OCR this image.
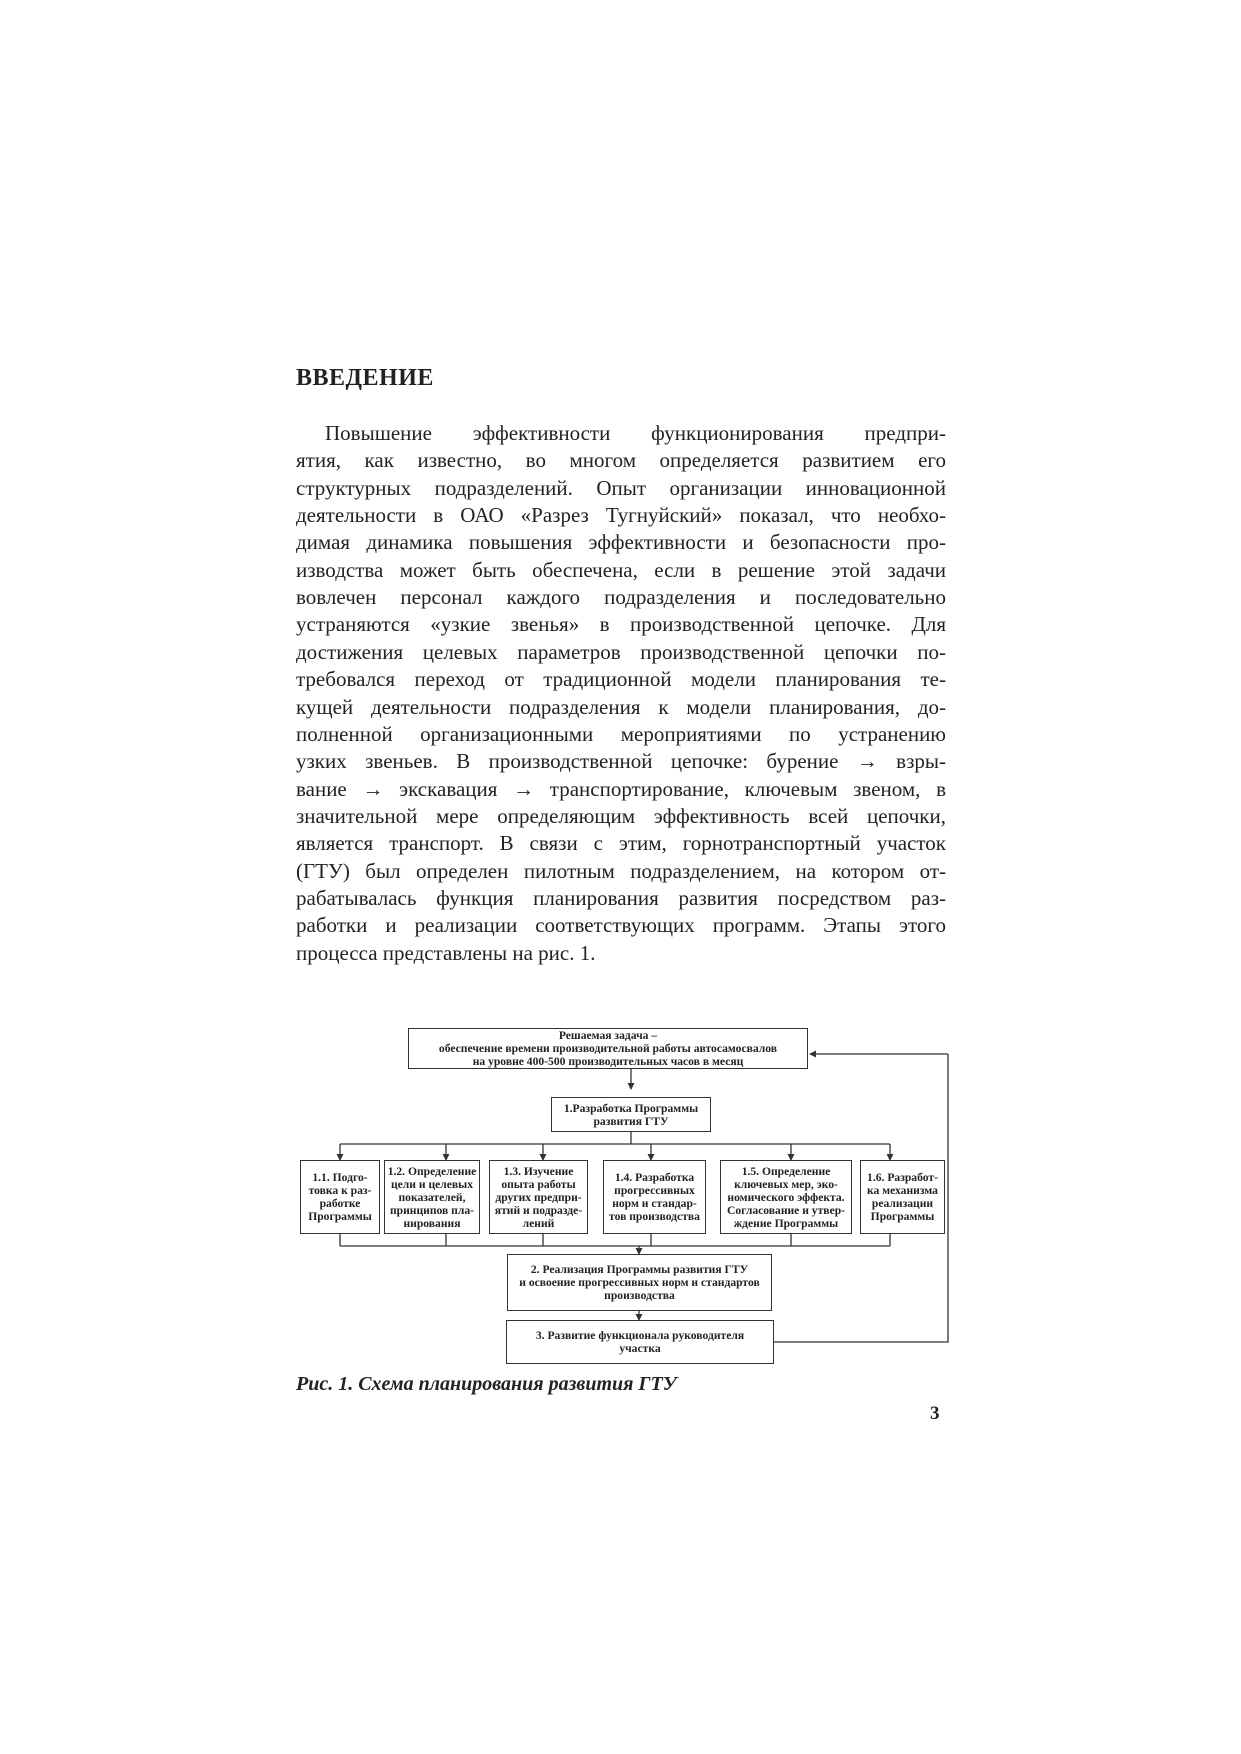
ВВЕДЕНИЕ
Повышение эффективности функционирования предпри-
ятия, как известно, во многом определяется развитием его
структурных подразделений. Опыт организации инновационной
деятельности в ОАО «Разрез Тугнуйский» показал, что необхо-
димая динамика повышения эффективности и безопасности про-
изводства может быть обеспечена, если в решение этой задачи
вовлечен персонал каждого подразделения и последовательно
устраняются «узкие звенья» в производственной цепочке. Для
достижения целевых параметров производственной цепочки по-
требовался переход от традиционной модели планирования те-
кущей деятельности подразделения к модели планирования, до-
полненной организационными мероприятиями по устранению
узких звеньев. В производственной цепочке: бурение → взры-
вание → экскавация → транспортирование, ключевым звеном, в
значительной мере определяющим эффективность всей цепочки,
является транспорт. В связи с этим, горнотранспортный участок
(ГТУ) был определен пилотным подразделением, на котором от-
рабатывалась функция планирования развития посредством раз-
работки и реализации соответствующих программ. Этапы этого
процесса представлены на рис. 1.
Решаемая задача –
обеспечение времени производительной работы автосамосвалов
на уровне 400-500 производительных часов в месяц
1.Разработка Программы
развития ГТУ
1.1. Подго-
товка к раз-
работке
Программы
1.2. Определение
цели и целевых
показателей,
принципов пла-
нирования
1.3. Изучение
опыта работы
других предпри-
ятий и подразде-
лений
1.4. Разработка
прогрессивных
норм и стандар-
тов производства
1.5. Определение
ключевых мер, эко-
номического эффекта.
Согласование и утвер-
ждение Программы
1.6. Разработ-
ка механизма
реализации
Программы
2. Реализация Программы развития ГТУ
и освоение прогрессивных норм и стандартов
производства
3. Развитие функционала руководителя
участка
Рис. 1. Схема планирования развития ГТУ
3
